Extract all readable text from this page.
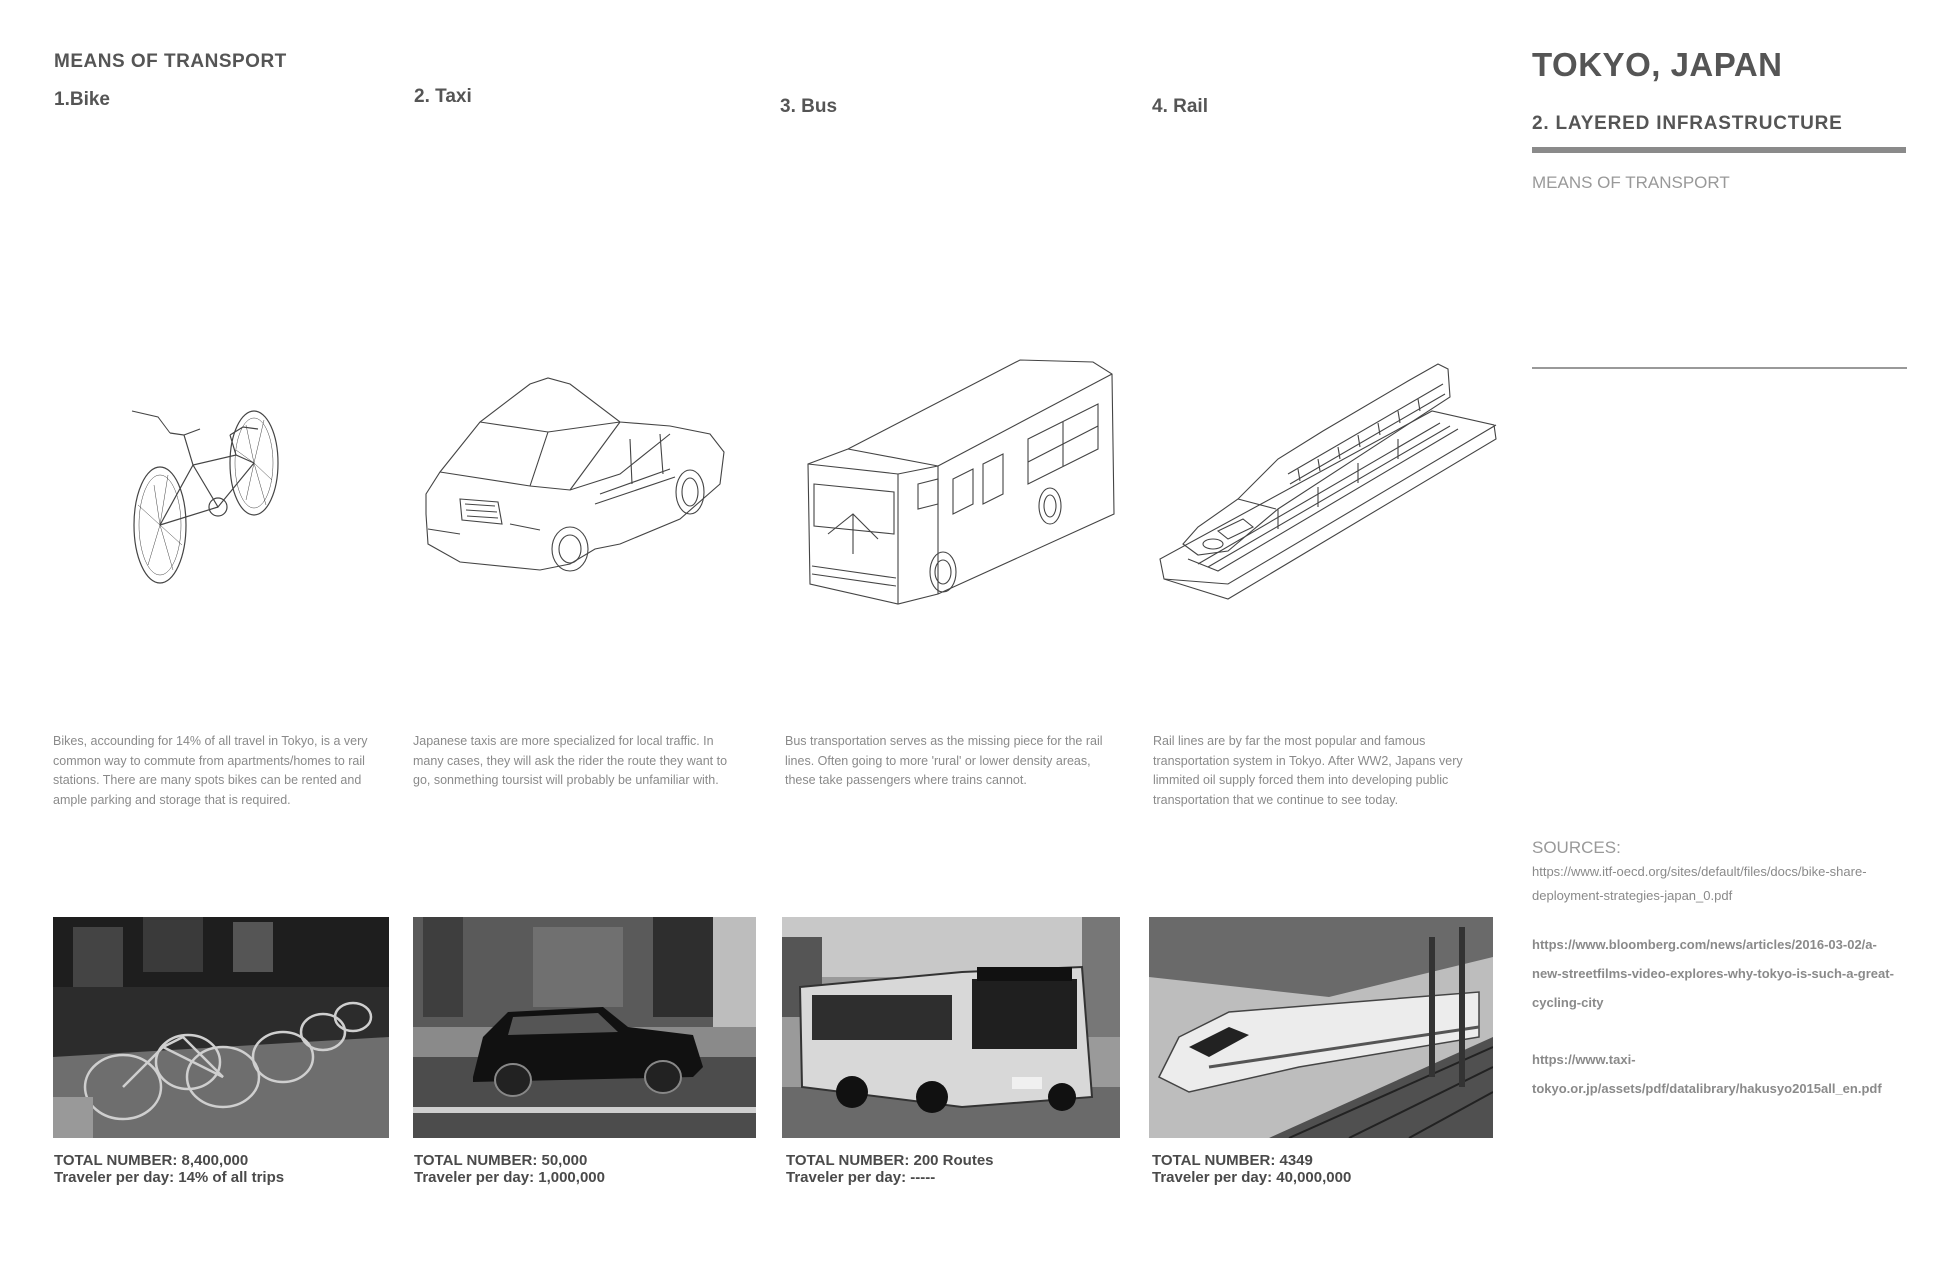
MEANS OF TRANSPORT
1.Bike	2. Taxi	3. Bus	4. Rail
Bikes, accounding for 14% of all travel in Tokyo, is a very common way to commute from apartments/homes to rail stations. There are many spots bikes can be rented and ample parking and storage that is required.
Japanese taxis are more specialized for local traffic. In many cases, they will ask the rider the route they want to go, sonmething toursist will probably be unfamiliar with.
Bus transportation serves as the missing piece for the rail lines. Often going to more 'rural' or lower density areas, these take passengers where trains cannot.
Rail lines are by far the most popular and famous transportation system in Tokyo. After WW2, Japans very limmited oil supply forced them into developing public transportation that we continue to see today.
TOTAL NUMBER: 8,400,000
Traveler per day: 14% of all trips
TOTAL NUMBER: 50,000
Traveler per day: 1,000,000
TOTAL NUMBER: 200 Routes
Traveler per day: -----
TOTAL NUMBER: 4349
Traveler per day: 40,000,000
TOKYO, JAPAN
2. LAYERED INFRASTRUCTURE
MEANS OF TRANSPORT
SOURCES:
https://www.itf-oecd.org/sites/default/files/docs/bike-share-deployment-strategies-japan_0.pdf
https://www.bloomberg.com/news/articles/2016-03-02/a-new-streetfilms-video-explores-why-tokyo-is-such-a-great-cycling-city
https://www.taxi-tokyo.or.jp/assets/pdf/datalibrary/hakusyo2015all_en.pdf
